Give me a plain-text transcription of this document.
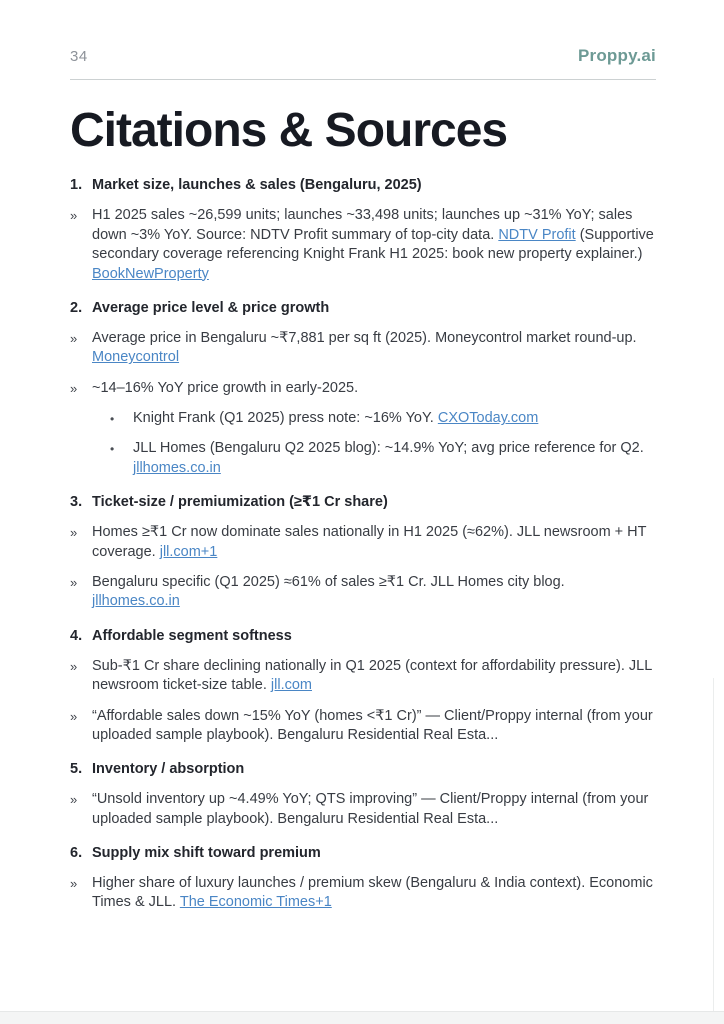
34	Proppy.ai
Citations & Sources
1. Market size, launches & sales (Bengaluru, 2025)
»	H1 2025 sales ~26,599 units; launches ~33,498 units; launches up ~31% YoY; sales down ~3% YoY. Source: NDTV Profit summary of top-city data. NDTV Profit (Supportive secondary coverage referencing Knight Frank H1 2025: book new property explainer.) BookNewProperty

2. Average price level & price growth
»	Average price in Bengaluru ~₹7,881 per sq ft (2025). Moneycontrol market round-up. Moneycontrol

»	~14–16% YoY price growth in early-2025.

•	Knight Frank (Q1 2025) press note: ~16% YoY. CXOToday.com

•	JLL Homes (Bengaluru Q2 2025 blog): ~14.9% YoY; avg price reference for Q2. jllhomes.co.in

3. Ticket-size / premiumization (≥₹1 Cr share)
»	Homes ≥₹1 Cr now dominate sales nationally in H1 2025 (≈62%). JLL newsroom + HT coverage. jll.com+1

»	Bengaluru specific (Q1 2025) ≈61% of sales ≥₹1 Cr. JLL Homes city blog. jllhomes.co.in

4. Affordable segment softness
»	Sub-₹1 Cr share declining nationally in Q1 2025 (context for affordability pressure). JLL newsroom ticket-size table. jll.com

»	“Affordable sales down ~15% YoY (homes <₹1 Cr)” — Client/Proppy internal (from your uploaded sample playbook). Bengaluru Residential Real Esta...

5. Inventory / absorption
»	“Unsold inventory up ~4.49% YoY; QTS improving” — Client/Proppy internal (from your uploaded sample playbook). Bengaluru Residential Real Esta...

6. Supply mix shift toward premium
»	Higher share of luxury launches / premium skew (Bengaluru & India context). Economic Times & JLL. The Economic Times+1
